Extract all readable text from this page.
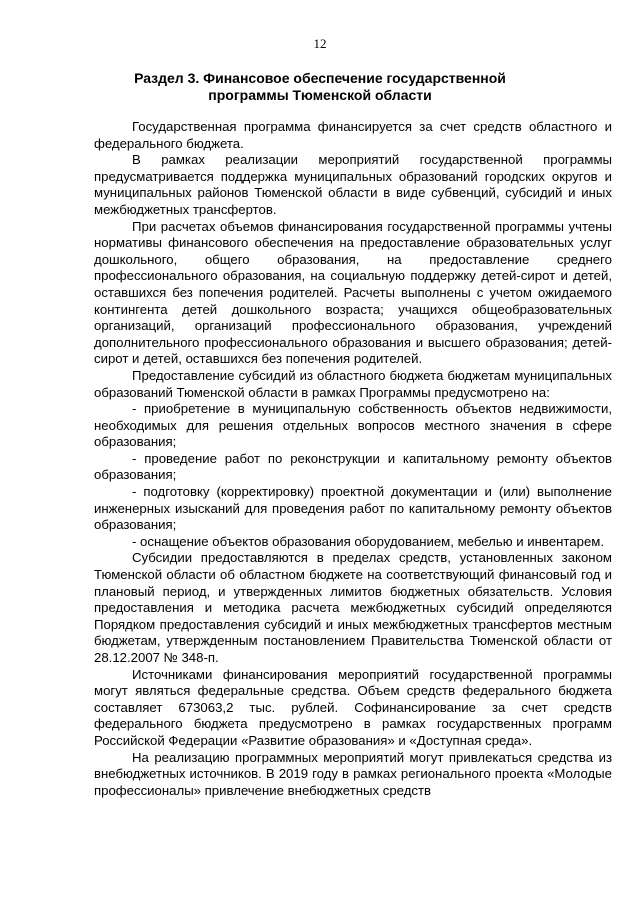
12
Раздел 3. Финансовое обеспечение государственной программы Тюменской области

Государственная программа финансируется за счет средств областного и федерального бюджета.

В рамках реализации мероприятий государственной программы предусматривается поддержка муниципальных образований городских округов и муниципальных районов Тюменской области в виде субвенций, субсидий и иных межбюджетных трансфертов.

При расчетах объемов финансирования государственной программы учтены нормативы финансового обеспечения на предоставление образовательных услуг дошкольного, общего образования, на предоставление среднего профессионального образования, на социальную поддержку детей-сирот и детей, оставшихся без попечения родителей. Расчеты выполнены с учетом ожидаемого контингента детей дошкольного возраста; учащихся общеобразовательных организаций, организаций профессионального образования, учреждений дополнительного профессионального образования и высшего образования; детей-сирот и детей, оставшихся без попечения родителей.

Предоставление субсидий из областного бюджета бюджетам муниципальных образований Тюменской области в рамках Программы предусмотрено на:

- приобретение в муниципальную собственность объектов недвижимости, необходимых для решения отдельных вопросов местного значения в сфере образования;

- проведение работ по реконструкции и капитальному ремонту объектов образования;

- подготовку (корректировку) проектной документации и (или) выполнение инженерных изысканий для проведения работ по капитальному ремонту объектов образования;

- оснащение объектов образования оборудованием, мебелью и инвентарем.

Субсидии предоставляются в пределах средств, установленных законом Тюменской области об областном бюджете на соответствующий финансовый год и плановый период, и утвержденных лимитов бюджетных обязательств. Условия предоставления и методика расчета межбюджетных субсидий определяются Порядком предоставления субсидий и иных межбюджетных трансфертов местным бюджетам, утвержденным постановлением Правительства Тюменской области от 28.12.2007 № 348-п.

Источниками финансирования мероприятий государственной программы могут являться федеральные средства. Объем средств федерального бюджета составляет 673063,2 тыс. рублей. Софинансирование за счет средств федерального бюджета предусмотрено в рамках государственных программ Российской Федерации «Развитие образования» и «Доступная среда».

На реализацию программных мероприятий могут привлекаться средства из внебюджетных источников. В 2019 году в рамках регионального проекта «Молодые профессионалы» привлечение внебюджетных средств
